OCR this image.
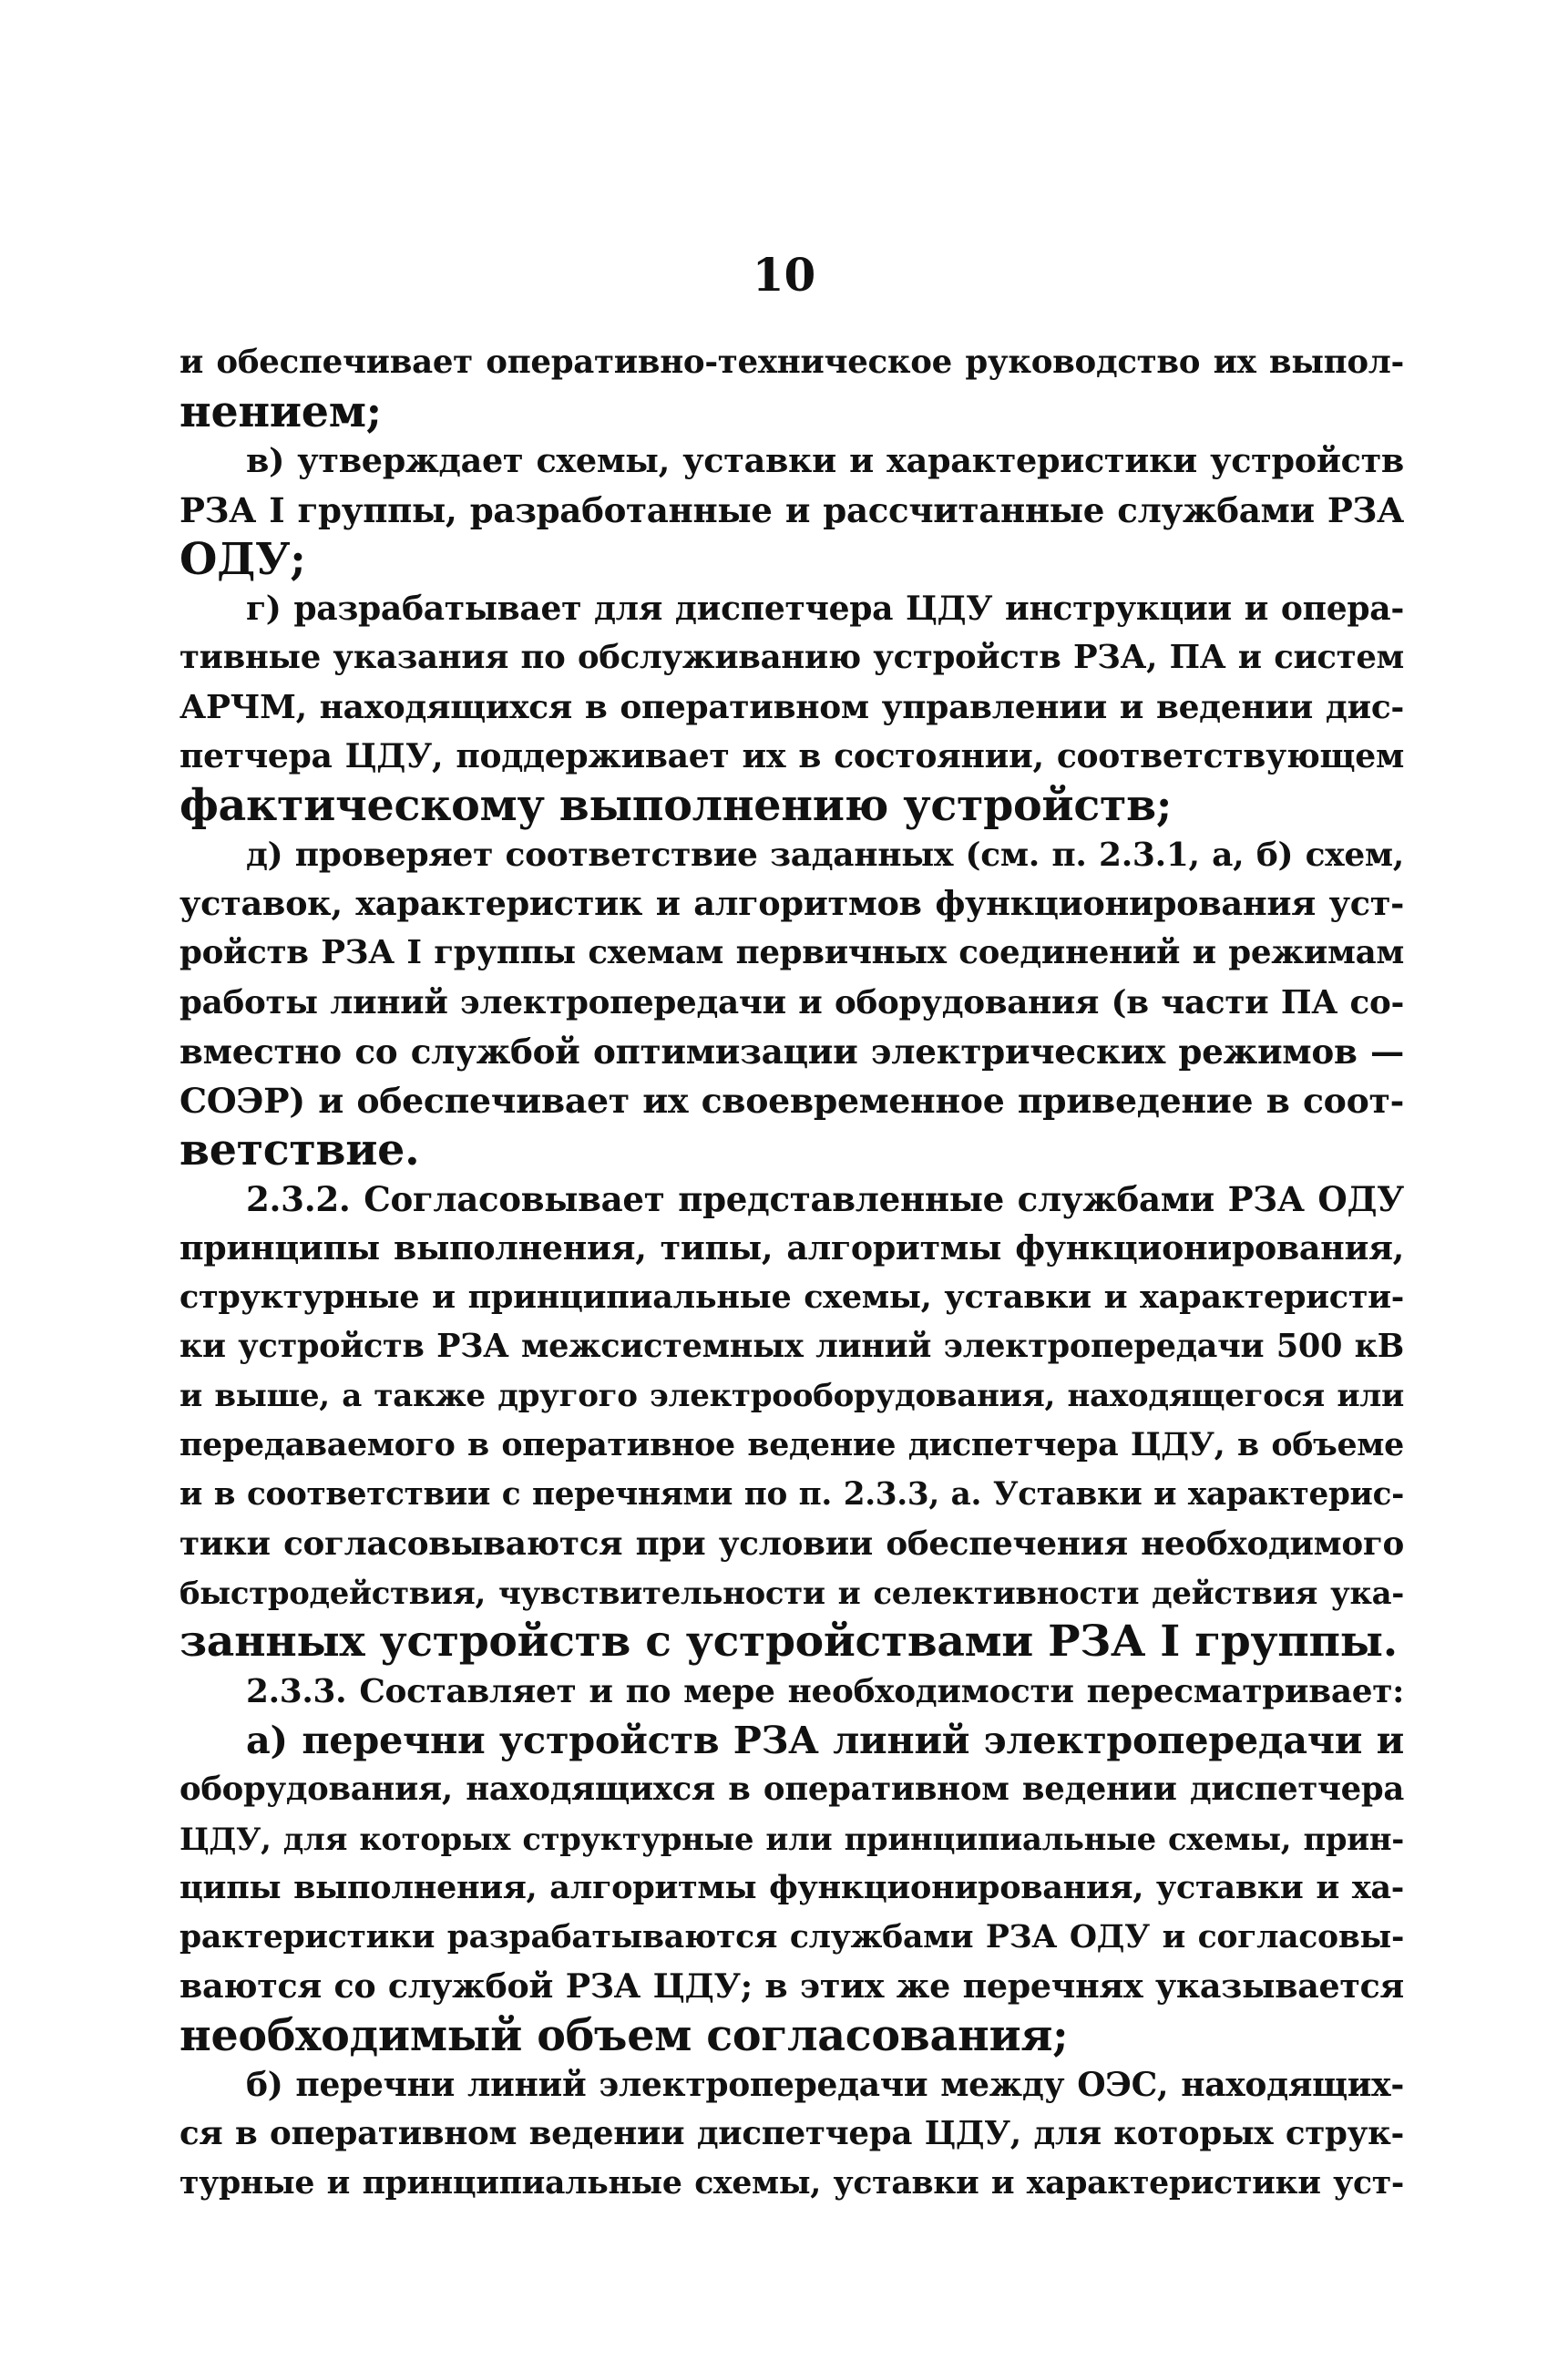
10
и обеспечивает оперативно-техническое руководство их выпол-
нением;
в) утверждает схемы, уставки и характеристики устройств
РЗА I группы, разработанные и рассчитанные службами РЗА
ОДУ;
г) разрабатывает для диспетчера ЦДУ инструкции и опера-
тивные указания по обслуживанию устройств РЗА, ПА и систем
АРЧМ, находящихся в оперативном управлении и ведении дис-
петчера ЦДУ, поддерживает их в состоянии, соответствующем
фактическому выполнению устройств;
д) проверяет соответствие заданных (см. п. 2.3.1, а, б) схем,
уставок, характеристик и алгоритмов функционирования уст-
ройств РЗА I группы схемам первичных соединений и режимам
работы линий электропередачи и оборудования (в части ПА со-
вместно со службой оптимизации электрических режимов —
СОЭР) и обеспечивает их своевременное приведение в соот-
ветствие.
2.3.2. Согласовывает представленные службами РЗА ОДУ
принципы выполнения, типы, алгоритмы функционирования,
структурные и принципиальные схемы, уставки и характеристи-
ки устройств РЗА межсистемных линий электропередачи 500 кВ
и выше, а также другого электрооборудования, находящегося или
передаваемого в оперативное ведение диспетчера ЦДУ, в объеме
и в соответствии с перечнями по п. 2.3.3, а. Уставки и характерис-
тики согласовываются при условии обеспечения необходимого
быстродействия, чувствительности и селективности действия ука-
занных устройств с устройствами РЗА I группы.
2.3.3. Составляет и по мере необходимости пересматривает:
а) перечни устройств РЗА линий электропередачи и
оборудования, находящихся в оперативном ведении диспетчера
ЦДУ, для которых структурные или принципиальные схемы, прин-
ципы выполнения, алгоритмы функционирования, уставки и ха-
рактеристики разрабатываются службами РЗА ОДУ и согласовы-
ваются со службой РЗА ЦДУ; в этих же перечнях указывается
необходимый объем согласования;
б) перечни линий электропередачи между ОЭС, находящих-
ся в оперативном ведении диспетчера ЦДУ, для которых струк-
турные и принципиальные схемы, уставки и характеристики уст-
